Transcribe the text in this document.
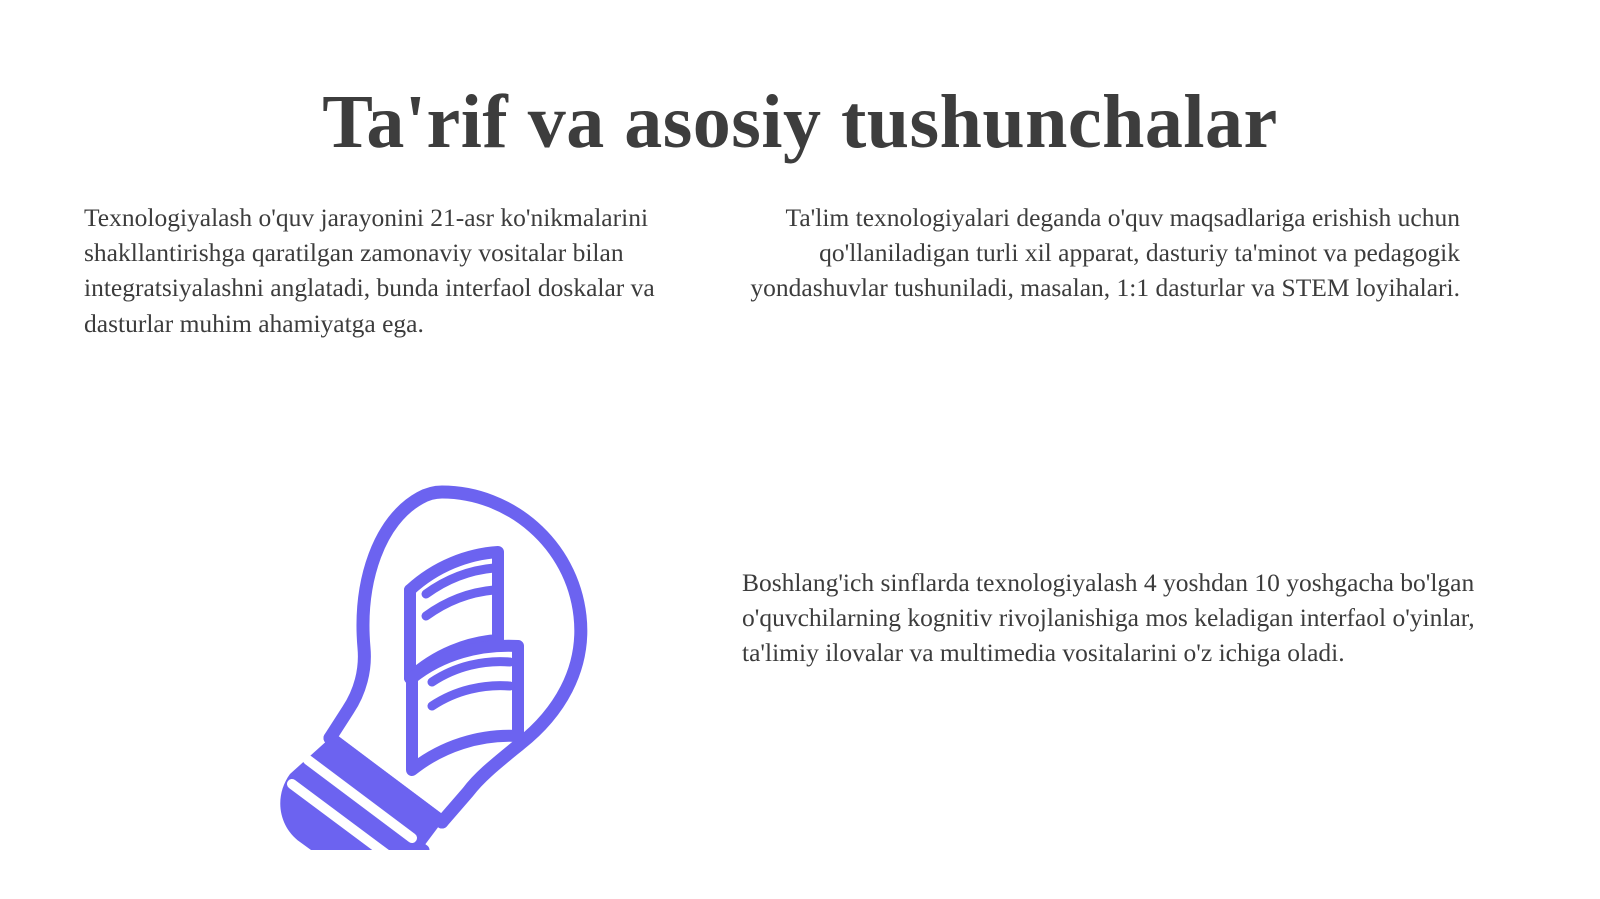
Ta'rif va asosiy tushunchalar
Texnologiyalash o'quv jarayonini 21-asr ko'nikmalarini shakllantirishga qaratilgan zamonaviy vositalar bilan integratsiyalashni anglatadi, bunda interfaol doskalar va dasturlar muhim ahamiyatga ega.
Ta'lim texnologiyalari deganda o'quv maqsadlariga erishish uchun qo'llaniladigan turli xil apparat, dasturiy ta'minot va pedagogik yondashuvlar tushuniladi, masalan, 1:1 dasturlar va STEM loyihalari.
Boshlang'ich sinflarda texnologiyalash 4 yoshdan 10 yoshgacha bo'lgan o'quvchilarning kognitiv rivojlanishiga mos keladigan interfaol o'yinlar, ta'limiy ilovalar va multimedia vositalarini o'z ichiga oladi.
